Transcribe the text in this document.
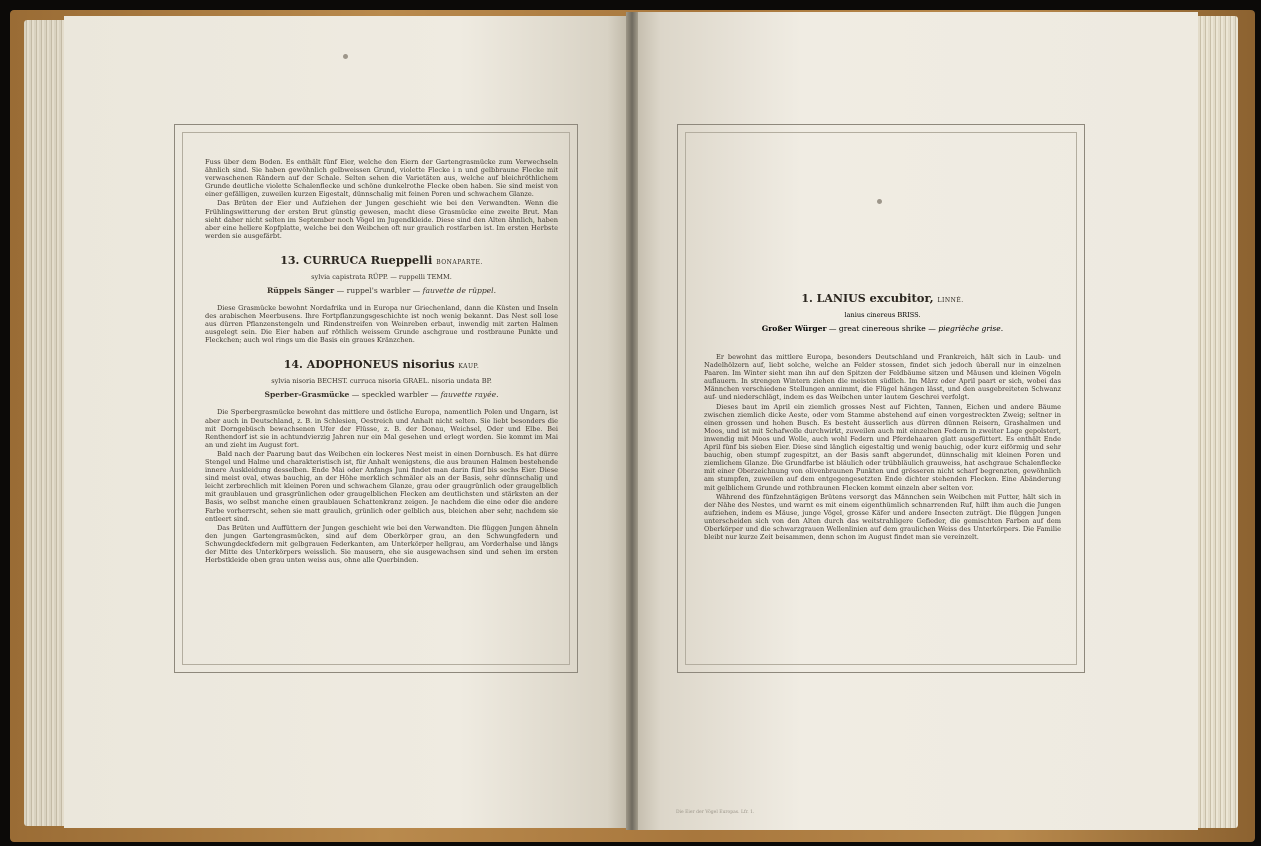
Fuss über dem Boden. Es enthält fünf Eier, welche den Eiern der Gartengrasmücke zum Verwechseln ähnlich sind. Sie haben gewöhnlich gelbweissen Grund, violette Flecke i n und gelbbraune Flecke mit verwaschenen Rändern auf der Schale. Selten sehen die Varietäten aus, welche auf bleichröthlichem Grunde deutliche violette Schalenflecke und schöne dunkelrothe Flecke oben haben. Sie sind meist von einer gefälligen, zuweilen kurzen Eigestalt, dünnschalig mit feinen Poren und schwachem Glanze.

Das Brüten der Eier und Aufziehen der Jungen geschieht wie bei den Verwandten. Wenn die Frühlingswitterung der ersten Brut günstig gewesen, macht diese Grasmücke eine zweite Brut. Man sieht daher nicht selten im September noch Vögel im Jugendkleide. Diese sind den Alten ähnlich, haben aber eine hellere Kopfplatte, welche bei den Weibchen oft nur graulich rostfarben ist. Im ersten Herbste werden sie ausgefärbt.

13. CURRUCA Rueppelli BONAPARTE.
sylvia capistrata RÜPP. — ruppelli TEMM.
Rüppels Sänger — ruppel's warbler — fauvette de rüppel.

Diese Grasmücke bewohnt Nordafrika und in Europa nur Griechenland, dann die Küsten und Inseln des arabischen Meerbusens. Ihre Fortpflanzungsgeschichte ist noch wenig bekannt. Das Nest soll lose aus dürren Pflanzenstengeln und Rindenstreifen von Weinreben erbaut, inwendig mit zarten Halmen ausgelegt sein. Die Eier haben auf röthlich weissem Grunde aschgraue und rostbraune Punkte und Fleckchen; auch wol rings um die Basis ein graues Kränzchen.

14. ADOPHONEUS nisorius KAUP.
sylvia nisoria BECHST. curruca nisoria GRAEL. nisoria undata BP.
Sperber-Grasmücke — speckled warbler — fauvette rayée.

Die Sperbergrasmücke bewohnt das mittlere und östliche Europa, namentlich Polen und Ungarn, ist aber auch in Deutschland, z. B. in Schlesien, Oestreich und Anhalt nicht selten. Sie liebt besonders die mit Dorngebüsch bewachsenen Ufer der Flüsse, z. B. der Donau, Weichsel, Oder und Elbe. Bei Renthendorf ist sie in achtundvierzig Jahren nur ein Mal gesehen und erlegt worden. Sie kommt im Mai an und zieht im August fort.

Bald nach der Paarung baut das Weibchen ein lockeres Nest meist in einen Dornbusch. Es hat dürre Stengel und Halme und charakteristisch ist, für Anhalt wenigstens, die aus braunen Halmen bestehende innere Auskleidung desselben. Ende Mai oder Anfangs Juni findet man darin fünf bis sechs Eier. Diese sind meist oval, etwas bauchig, an der Höhe merklich schmäler als an der Basis, sehr dünnschalig und leicht zerbrechlich mit kleinen Poren und schwachem Glanze, grau oder graugrünlich oder graugelblich mit graublauen und grasgrünlichen oder graugelblichen Flecken am deutlichsten und stärksten an der Basis, wo selbst manche einen graublauen Schattenkranz zeigen. Je nachdem die eine oder die andere Farbe vorherrscht, sehen sie matt graulich, grünlich oder gelblich aus, bleichen aber sehr, nachdem sie entleert sind.

Das Brüten und Auffüttern der Jungen geschieht wie bei den Verwandten. Die flüggen Jungen ähneln den jungen Gartengrasmücken, sind auf dem Oberkörper grau, an den Schwungfedern und Schwungdeckfedern mit gelbgrauen Federkanten, am Unterkörper hellgrau, am Vorderhalse und längs der Mitte des Unterkörpers weisslich. Sie mausern, ehe sie ausgewachsen sind und sehen im ersten Herbstkleide oben grau unten weiss aus, ohne alle Querbinden.

1. LANIUS excubitor, LINNÉ.
lanius cinereus BRISS.
Großer Würger — great cinereous shrike — piegrièche grise.

Er bewohnt das mittlere Europa, besonders Deutschland und Frankreich, hält sich in Laub- und Nadelhölzern auf, liebt solche, welche an Felder stossen, findet sich jedoch überall nur in einzelnen Paaren. Im Winter sieht man ihn auf den Spitzen der Feldbäume sitzen und Mäusen und kleinen Vögeln auflauern. In strengen Wintern ziehen die meisten südlich. Im März oder April paart er sich, wobei das Männchen verschiedene Stellungen annimmt, die Flügel hängen lässt, und den ausgebreiteten Schwanz auf- und niederschlägt, indem es das Weibchen unter lautem Geschrei verfolgt.

Dieses baut im April ein ziemlich grosses Nest auf Fichten, Tannen, Eichen und andere Bäume zwischen ziemlich dicke Aeste, oder vom Stamme abstehend auf einen vorgestreckten Zweig; seltner in einen grossen und hohen Busch. Es besteht äusserlich aus dürren dünnen Reisern, Grashalmen und Moos, und ist mit Schafwolle durchwirkt, zuweilen auch mit einzelnen Federn in zweiter Lage gepolstert, inwendig mit Moos und Wolle, auch wohl Federn und Pferdehaaren glatt ausgefüttert. Es enthält Ende April fünf bis sieben Eier. Diese sind länglich eigestaltig und wenig bauchig, oder kurz eiförmig und sehr bauchig, oben stumpf zugespitzt, an der Basis sanft abgerundet, dünnschalig mit kleinen Poren und ziemlichem Glanze. Die Grundfarbe ist bläulich oder trübbläulich grauweiss, hat aschgraue Schalenflecke mit einer Oberzeichnung von olivenbraunen Punkten und grösseren nicht scharf begrenzten, gewöhnlich am stumpfen, zuweilen auf dem entgegengesetzten Ende dichter stehenden Flecken. Eine Abänderung mit gelblichem Grunde und rothbraunen Flecken kommt einzeln aber selten vor.

Während des fünfzehntägigen Brütens versorgt das Männchen sein Weibchen mit Futter, hält sich in der Nähe des Nestes, und warnt es mit einem eigenthümlich schnarrenden Ruf, hilft ihm auch die Jungen aufziehen, indem es Mäuse, junge Vögel, grosse Käfer und andere Insecten zuträgt. Die flüggen Jungen unterscheiden sich von den Alten durch das weitstrahligere Gefieder, die gemischten Farben auf dem Oberkörper und die schwarzgrauen Wellenlinien auf dem graulichen Weiss des Unterkörpers. Die Familie bleibt nur kurze Zeit beisammen, denn schon im August findet man sie vereinzelt.

Die Eier der Vögel Europas. Lfr. 1.
